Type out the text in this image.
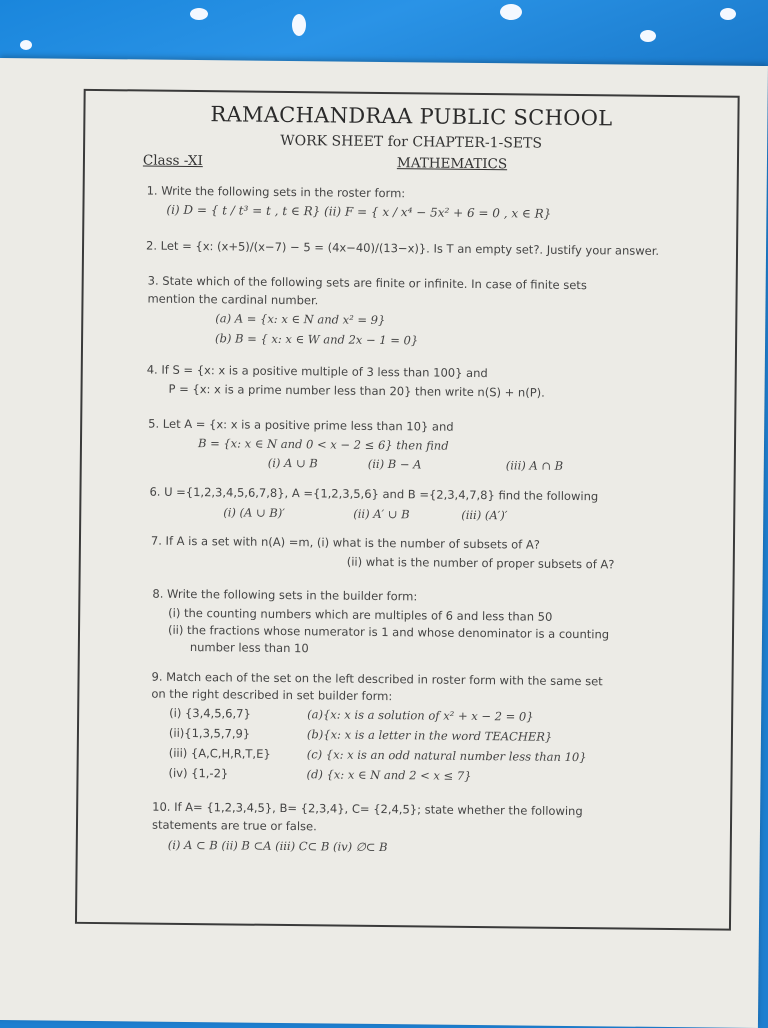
RAMACHANDRAA PUBLIC SCHOOL
WORK SHEET for CHAPTER-1-SETS
Class -XI	MATHEMATICS
1. Write the following sets in the roster form:
(i) D = { t / t³ = t , t ∈ R} (ii) F = { x / x⁴ − 5x² + 6 = 0 , x ∈ R}
2. Let = {x: (x+5)/(x−7) − 5 = (4x−40)/(13−x)}. Is T an empty set?. Justify your answer.
3. State which of the following sets are finite or infinite. In case of finite sets
mention the cardinal number.
(a) A = {x: x ∈ N and x² = 9}
(b) B = { x: x ∈ W and 2x − 1 = 0}
4. If S = {x: x is a positive multiple of 3 less than 100} and
P = {x: x is a prime number less than 20} then write n(S) + n(P).
5. Let A = {x: x is a positive prime less than 10} and
B = {x: x ∈ N and 0 < x − 2 ≤ 6} then find
(i) A ∪ B	(ii) B − A	(iii) A ∩ B
6. U ={1,2,3,4,5,6,7,8}, A ={1,2,3,5,6} and B ={2,3,4,7,8} find the following
(i) (A ∪ B)′	(ii) A′ ∪ B	(iii) (A′)′
7. If A is a set with n(A) =m, (i) what is the number of subsets of A?
(ii) what is the number of proper subsets of A?
8. Write the following sets in the builder form:
(i) the counting numbers which are multiples of 6 and less than 50
(ii) the fractions whose numerator is 1 and whose denominator is a counting
number less than 10
9. Match each of the set on the left described in roster form with the same set
on the right described in set builder form:
(i) {3,4,5,6,7}	(a){x: x is a solution of x² + x − 2 = 0}
(ii){1,3,5,7,9}	(b){x: x is a letter in the word TEACHER}
(iii) {A,C,H,R,T,E}	(c) {x: x is an odd natural number less than 10}
(iv) {1,-2}	(d) {x: x ∈ N and 2 < x ≤ 7}
10. If A= {1,2,3,4,5}, B= {2,3,4}, C= {2,4,5}; state whether the following
statements are true or false.
(i) A ⊂ B (ii) B ⊂A (iii) C⊂ B (iv) ∅⊂ B
